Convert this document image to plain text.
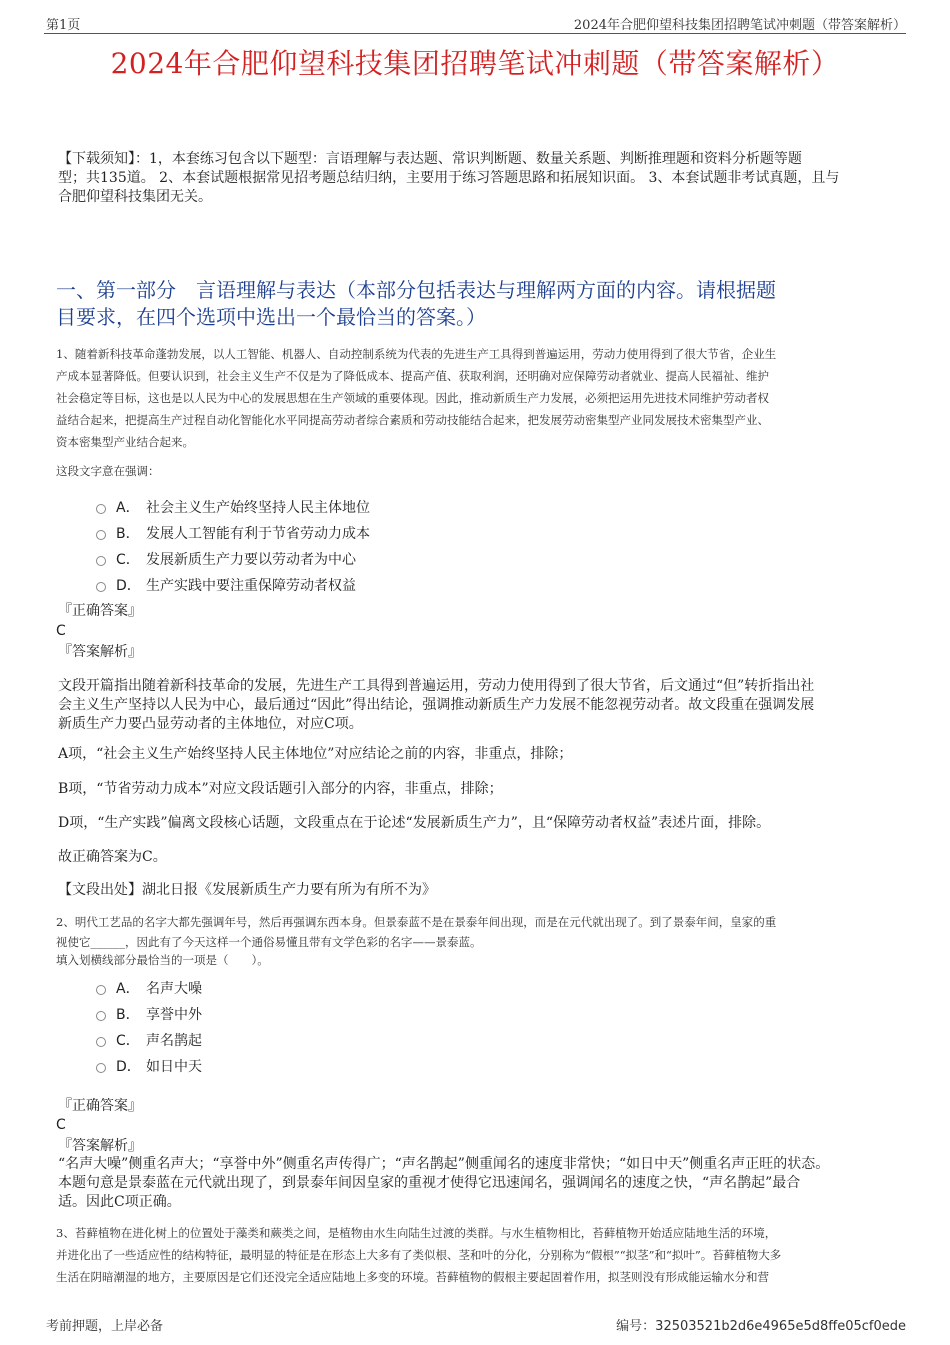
第1页	2024年合肥仰望科技集团招聘笔试冲刺题（带答案解析）
2024年合肥仰望科技集团招聘笔试冲刺题（带答案解析）
【下载须知】：1，本套练习包含以下题型：言语理解与表达题、常识判断题、数量关系题、判断推理题和资料分析题等题
型；共135道。 2、本套试题根据常见招考题总结归纳，主要用于练习答题思路和拓展知识面。 3、本套试题非考试真题，且与
合肥仰望科技集团无关。
一、第一部分　言语理解与表达（本部分包括表达与理解两方面的内容。请根据题
目要求，在四个选项中选出一个最恰当的答案。）
1、随着新科技革命蓬勃发展，以人工智能、机器人、自动控制系统为代表的先进生产工具得到普遍运用，劳动力使用得到了很大节省，企业生
产成本显著降低。但要认识到，社会主义生产不仅是为了降低成本、提高产值、获取利润，还明确对应保障劳动者就业、提高人民福祉、维护
社会稳定等目标，这也是以人民为中心的发展思想在生产领域的重要体现。因此，推动新质生产力发展，必须把运用先进技术同维护劳动者权
益结合起来，把提高生产过程自动化智能化水平同提高劳动者综合素质和劳动技能结合起来，把发展劳动密集型产业同发展技术密集型产业、
资本密集型产业结合起来。
这段文字意在强调：
A． 社会主义生产始终坚持人民主体地位
B． 发展人工智能有利于节省劳动力成本
C． 发展新质生产力要以劳动者为中心
D． 生产实践中要注重保障劳动者权益
『正确答案』
C
『答案解析』
文段开篇指出随着新科技革命的发展，先进生产工具得到普遍运用，劳动力使用得到了很大节省，后文通过“但”转折指出社
会主义生产坚持以人民为中心，最后通过“因此”得出结论，强调推动新质生产力发展不能忽视劳动者。故文段重在强调发展
新质生产力要凸显劳动者的主体地位，对应C项。
A项，“社会主义生产始终坚持人民主体地位”对应结论之前的内容，非重点，排除；
B项，“节省劳动力成本”对应文段话题引入部分的内容，非重点，排除；
D项，“生产实践”偏离文段核心话题，文段重点在于论述“发展新质生产力”，且“保障劳动者权益”表述片面，排除。
故正确答案为C。
【文段出处】湖北日报《发展新质生产力要有所为有所不为》
2、明代工艺品的名字大都先强调年号，然后再强调东西本身。但景泰蓝不是在景泰年间出现，而是在元代就出现了。到了景泰年间，皇家的重
视使它______，因此有了今天这样一个通俗易懂且带有文学色彩的名字——景泰蓝。
填入划横线部分最恰当的一项是（　　）。
A． 名声大噪
B． 享誉中外
C． 声名鹊起
D． 如日中天
『正确答案』
C
『答案解析』
“名声大噪”侧重名声大；“享誉中外”侧重名声传得广；“声名鹊起”侧重闻名的速度非常快；“如日中天”侧重名声正旺的状态。
本题句意是景泰蓝在元代就出现了，到景泰年间因皇家的重视才使得它迅速闻名，强调闻名的速度之快，“声名鹊起”最合
适。因此C项正确。
3、苔藓植物在进化树上的位置处于藻类和蕨类之间，是植物由水生向陆生过渡的类群。与水生植物相比，苔藓植物开始适应陆地生活的环境，
并进化出了一些适应性的结构特征，最明显的特征是在形态上大多有了类似根、茎和叶的分化，分别称为“假根”“拟茎”和“拟叶”。苔藓植物大多
生活在阴暗潮湿的地方，主要原因是它们还没完全适应陆地上多变的环境。苔藓植物的假根主要起固着作用，拟茎则没有形成能运输水分和营
考前押题，上岸必备	编号：32503521b2d6e4965e5d8ffe05cf0ede
